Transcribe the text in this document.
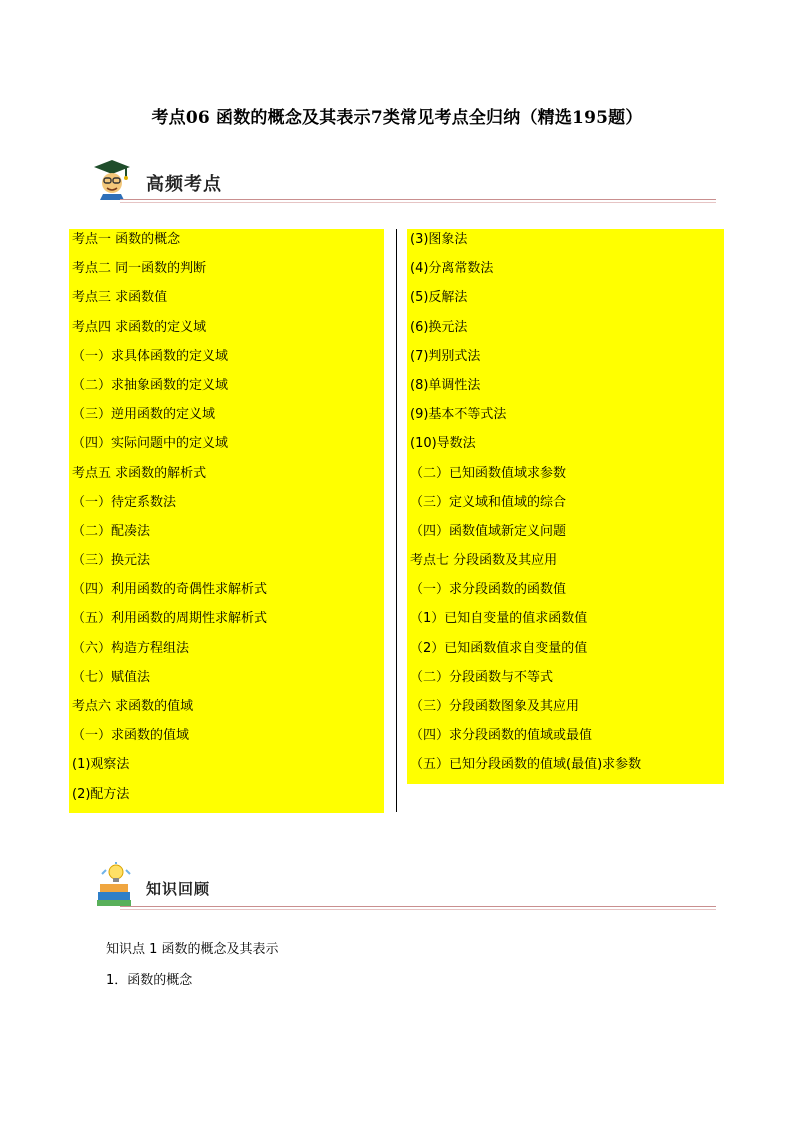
考点06 函数的概念及其表示7类常见考点全归纳（精选195题）
高频考点
考点一 函数的概念
考点二 同一函数的判断
考点三 求函数值
考点四 求函数的定义域
（一）求具体函数的定义域
（二）求抽象函数的定义域
（三）逆用函数的定义域
（四）实际问题中的定义域
考点五 求函数的解析式
（一）待定系数法
（二）配凑法
（三）换元法
（四）利用函数的奇偶性求解析式
（五）利用函数的周期性求解析式
（六）构造方程组法
（七）赋值法
考点六 求函数的值域
（一）求函数的值域
(1)观察法
(2)配方法
(3)图象法
(4)分离常数法
(5)反解法
(6)换元法
(7)判别式法
(8)单调性法
(9)基本不等式法
(10)导数法
（二）已知函数值域求参数
（三）定义域和值域的综合
（四）函数值域新定义问题
考点七 分段函数及其应用
（一）求分段函数的函数值
（1）已知自变量的值求函数值
（2）已知函数值求自变量的值
（二）分段函数与不等式
（三）分段函数图象及其应用
（四）求分段函数的值域或最值
（五）已知分段函数的值域(最值)求参数
知识回顾
知识点 1 函数的概念及其表示
1．函数的概念
